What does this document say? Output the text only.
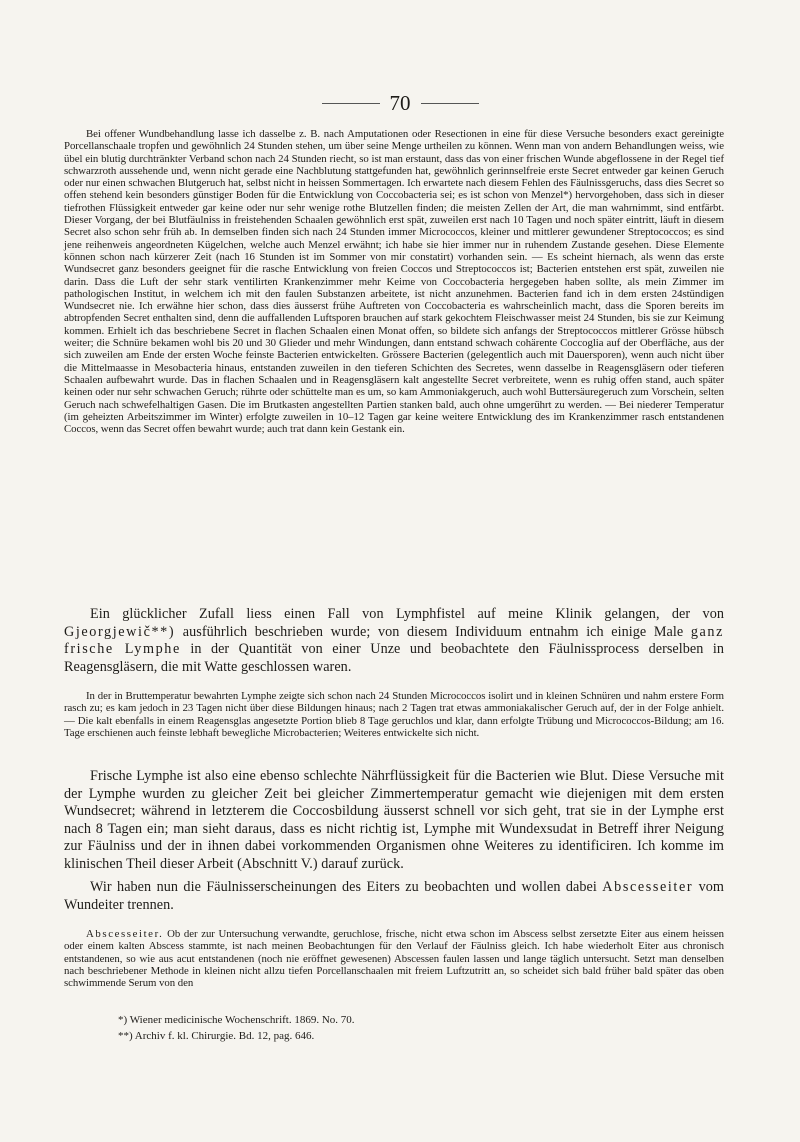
70

Bei offener Wundbehandlung lasse ich dasselbe z. B. nach Amputationen oder Resectionen in eine für diese Versuche besonders exact gereinigte Porcellanschaale tropfen und gewöhnlich 24 Stunden stehen, um über seine Menge urtheilen zu können. Wenn man von andern Behandlungen weiss, wie übel ein blutig durchtränkter Verband schon nach 24 Stunden riecht, so ist man erstaunt, dass das von einer frischen Wunde abgeflossene in der Regel tief schwarzroth aussehende und, wenn nicht gerade eine Nachblutung stattgefunden hat, gewöhnlich gerinnselfreie erste Secret entweder gar keinen Geruch oder nur einen schwachen Blutgeruch hat, selbst nicht in heissen Sommertagen. Ich erwartete nach diesem Fehlen des Fäulnissgeruchs, dass dies Secret so offen stehend kein besonders günstiger Boden für die Entwicklung von Coccobacteria sei; es ist schon von Menzel*) hervorgehoben, dass sich in dieser tiefrothen Flüssigkeit entweder gar keine oder nur sehr wenige rothe Blutzellen finden; die meisten Zellen der Art, die man wahrnimmt, sind entfärbt. Dieser Vorgang, der bei Blutfäulniss in freistehenden Schaalen gewöhnlich erst spät, zuweilen erst nach 10 Tagen und noch später eintritt, läuft in diesem Secret also schon sehr früh ab. In demselben finden sich nach 24 Stunden immer Micrococcos, kleiner und mittlerer gewundener Streptococcos; es sind jene reihenweis angeordneten Kügelchen, welche auch Menzel erwähnt; ich habe sie hier immer nur in ruhendem Zustande gesehen. Diese Elemente können schon nach kürzerer Zeit (nach 16 Stunden ist im Sommer von mir constatirt) vorhanden sein. — Es scheint hiernach, als wenn das erste Wundsecret ganz besonders geeignet für die rasche Entwicklung von freien Coccos und Streptococcos ist; Bacterien entstehen erst spät, zuweilen nie darin. Dass die Luft der sehr stark ventilirten Krankenzimmer mehr Keime von Coccobacteria hergegeben haben sollte, als mein Zimmer im pathologischen Institut, in welchem ich mit den faulen Substanzen arbeitete, ist nicht anzunehmen. Bacterien fand ich in dem ersten 24stündigen Wundsecret nie. Ich erwähne hier schon, dass dies äusserst frühe Auftreten von Coccobacteria es wahrscheinlich macht, dass die Sporen bereits im abtropfenden Secret enthalten sind, denn die auffallenden Luftsporen brauchen auf stark gekochtem Fleischwasser meist 24 Stunden, bis sie zur Keimung kommen. Erhielt ich das beschriebene Secret in flachen Schaalen einen Monat offen, so bildete sich anfangs der Streptococcos mittlerer Grösse hübsch weiter; die Schnüre bekamen wohl bis 20 und 30 Glieder und mehr Windungen, dann entstand schwach cohärente Coccoglia auf der Oberfläche, aus der sich zuweilen am Ende der ersten Woche feinste Bacterien entwickelten. Grössere Bacterien (gelegentlich auch mit Dauersporen), wenn auch nicht über die Mittelmaasse in Mesobacteria hinaus, entstanden zuweilen in den tieferen Schichten des Secretes, wenn dasselbe in Reagensgläsern oder tieferen Schaalen aufbewahrt wurde. Das in flachen Schaalen und in Reagensgläsern kalt angestellte Secret verbreitete, wenn es ruhig offen stand, auch später keinen oder nur sehr schwachen Geruch; rührte oder schüttelte man es um, so kam Ammoniakgeruch, auch wohl Buttersäuregeruch zum Vorschein, selten Geruch nach schwefelhaltigen Gasen. Die im Brutkasten angestellten Partien stanken bald, auch ohne umgerührt zu werden. — Bei niederer Temperatur (im geheizten Arbeitszimmer im Winter) erfolgte zuweilen in 10–12 Tagen gar keine weitere Entwicklung des im Krankenzimmer rasch entstandenen Coccos, wenn das Secret offen bewahrt wurde; auch trat dann kein Gestank ein.

Ein glücklicher Zufall liess einen Fall von Lymphfistel auf meine Klinik gelangen, der von Gjeorgjewič**) ausführlich beschrieben wurde; von diesem Individuum entnahm ich einige Male ganz frische Lymphe in der Quantität von einer Unze und beobachtete den Fäulnissprocess derselben in Reagensgläsern, die mit Watte geschlossen waren.

In der in Bruttemperatur bewahrten Lymphe zeigte sich schon nach 24 Stunden Micrococcos isolirt und in kleinen Schnüren und nahm erstere Form rasch zu; es kam jedoch in 23 Tagen nicht über diese Bildungen hinaus; nach 2 Tagen trat etwas ammoniakalischer Geruch auf, der in der Folge anhielt. — Die kalt ebenfalls in einem Reagensglas angesetzte Portion blieb 8 Tage geruchlos und klar, dann erfolgte Trübung und Micrococcos-Bildung; am 16. Tage erschienen auch feinste lebhaft bewegliche Microbacterien; Weiteres entwickelte sich nicht.

Frische Lymphe ist also eine ebenso schlechte Nährflüssigkeit für die Bacterien wie Blut. Diese Versuche mit der Lymphe wurden zu gleicher Zeit bei gleicher Zimmertemperatur gemacht wie diejenigen mit dem ersten Wundsecret; während in letzterem die Coccosbildung äusserst schnell vor sich geht, trat sie in der Lymphe erst nach 8 Tagen ein; man sieht daraus, dass es nicht richtig ist, Lymphe mit Wundexsudat in Betreff ihrer Neigung zur Fäulniss und der in ihnen dabei vorkommenden Organismen ohne Weiteres zu identificiren. Ich komme im klinischen Theil dieser Arbeit (Abschnitt V.) darauf zurück.

Wir haben nun die Fäulnisserscheinungen des Eiters zu beobachten und wollen dabei Abscesseiter vom Wundeiter trennen.

Abscesseiter. Ob der zur Untersuchung verwandte, geruchlose, frische, nicht etwa schon im Abscess selbst zersetzte Eiter aus einem heissen oder einem kalten Abscess stammte, ist nach meinen Beobachtungen für den Verlauf der Fäulniss gleich. Ich habe wiederholt Eiter aus chronisch entstandenen, so wie aus acut entstandenen (noch nie eröffnet gewesenen) Abscessen faulen lassen und lange täglich untersucht. Setzt man denselben nach beschriebener Methode in kleinen nicht allzu tiefen Porcellanschaalen mit freiem Luftzutritt an, so scheidet sich bald früher bald später das oben schwimmende Serum von den

*) Wiener medicinische Wochenschrift. 1869. No. 70.
**) Archiv f. kl. Chirurgie. Bd. 12, pag. 646.
